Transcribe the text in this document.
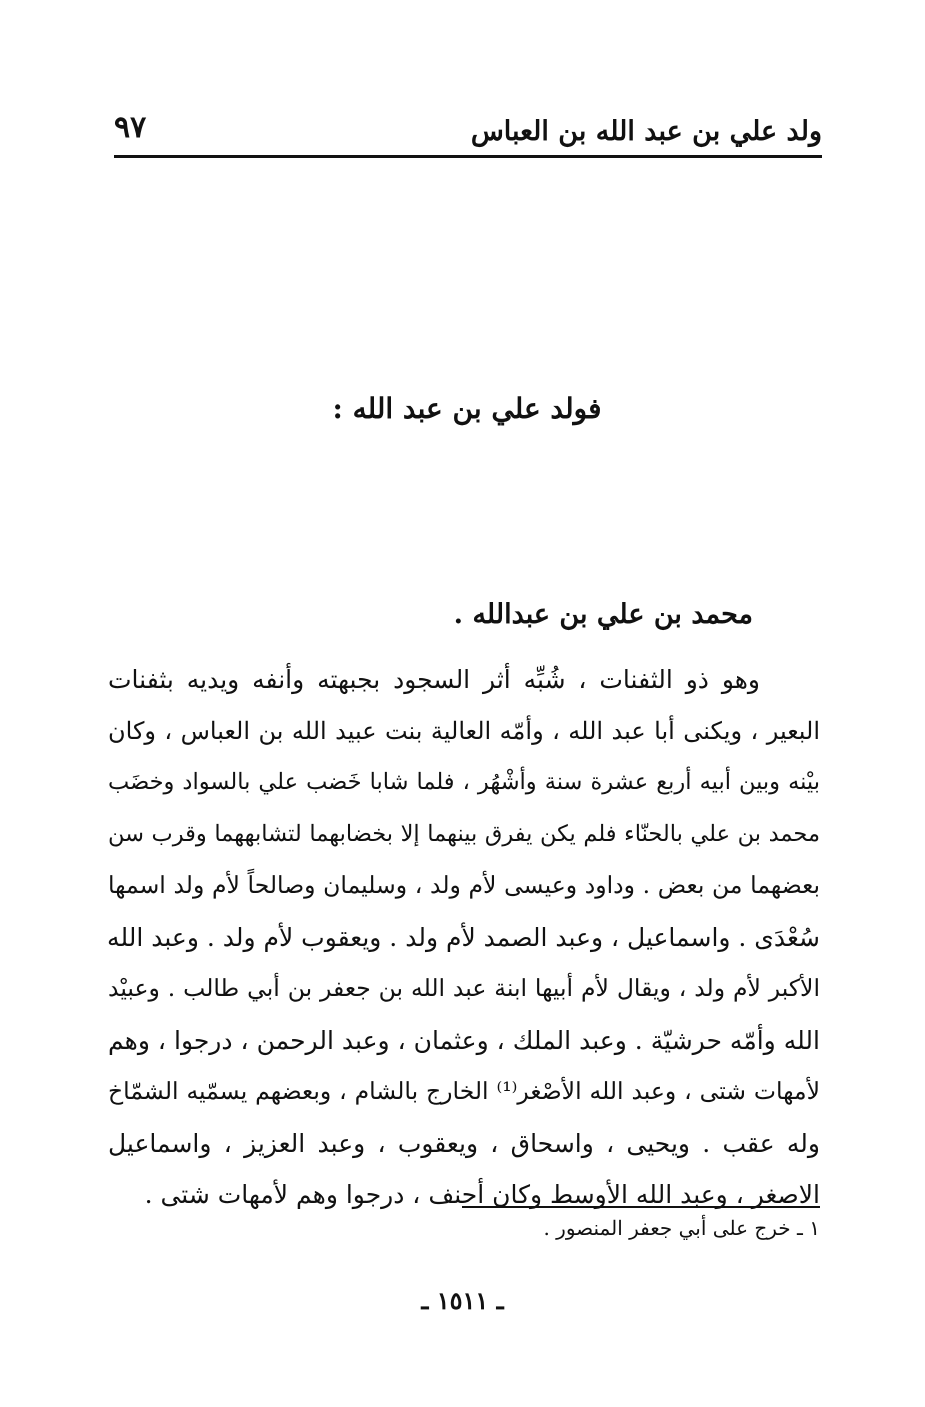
ولد علي بن عبد الله بن العباس
٩٧
فولد علي بن عبد الله :
محمد بن علي بن عبدالله .
وهو ذو الثفنات ، شُبِّه أثر السجود بجبهته وأنفه ويديه بثفنات
البعير ، ويكنى أبا عبد الله ، وأمّه العالية بنت عبيد الله بن العباس ، وكان
بيْنه وبين أبيه أربع عشرة سنة وأشْهُر ، فلما شابا خَضب علي بالسواد وخضَب
محمد بن علي بالحنّاء فلم يكن يفرق بينهما إلا بخضابهما لتشابههما وقرب سن
بعضهما من بعض . وداود وعيسى لأم ولد ، وسليمان وصالحاً لأم ولد اسمها
سُعْدَى . واسماعيل ، وعبد الصمد لأم ولد . ويعقوب لأم ولد . وعبد الله
الأكبر لأم ولد ، ويقال لأم أبيها ابنة عبد الله بن جعفر بن أبي طالب . وعبيْد
الله وأمّه حرشيّة . وعبد الملك ، وعثمان ، وعبد الرحمن ، درجوا ، وهم
لأمهات شتى ، وعبد الله الأصْغر⁽¹⁾ الخارج بالشام ، وبعضهم يسمّيه الشمّاخ
وله عقب . ويحيى ، واسحاق ، ويعقوب ، وعبد العزيز ، واسماعيل
الاصغر ، وعبد الله الأوسط وكان أحنف ، درجوا وهم لأمهات شتى .
١ ـ خرج على أبي جعفر المنصور .
ـ ١٥١١ ـ
